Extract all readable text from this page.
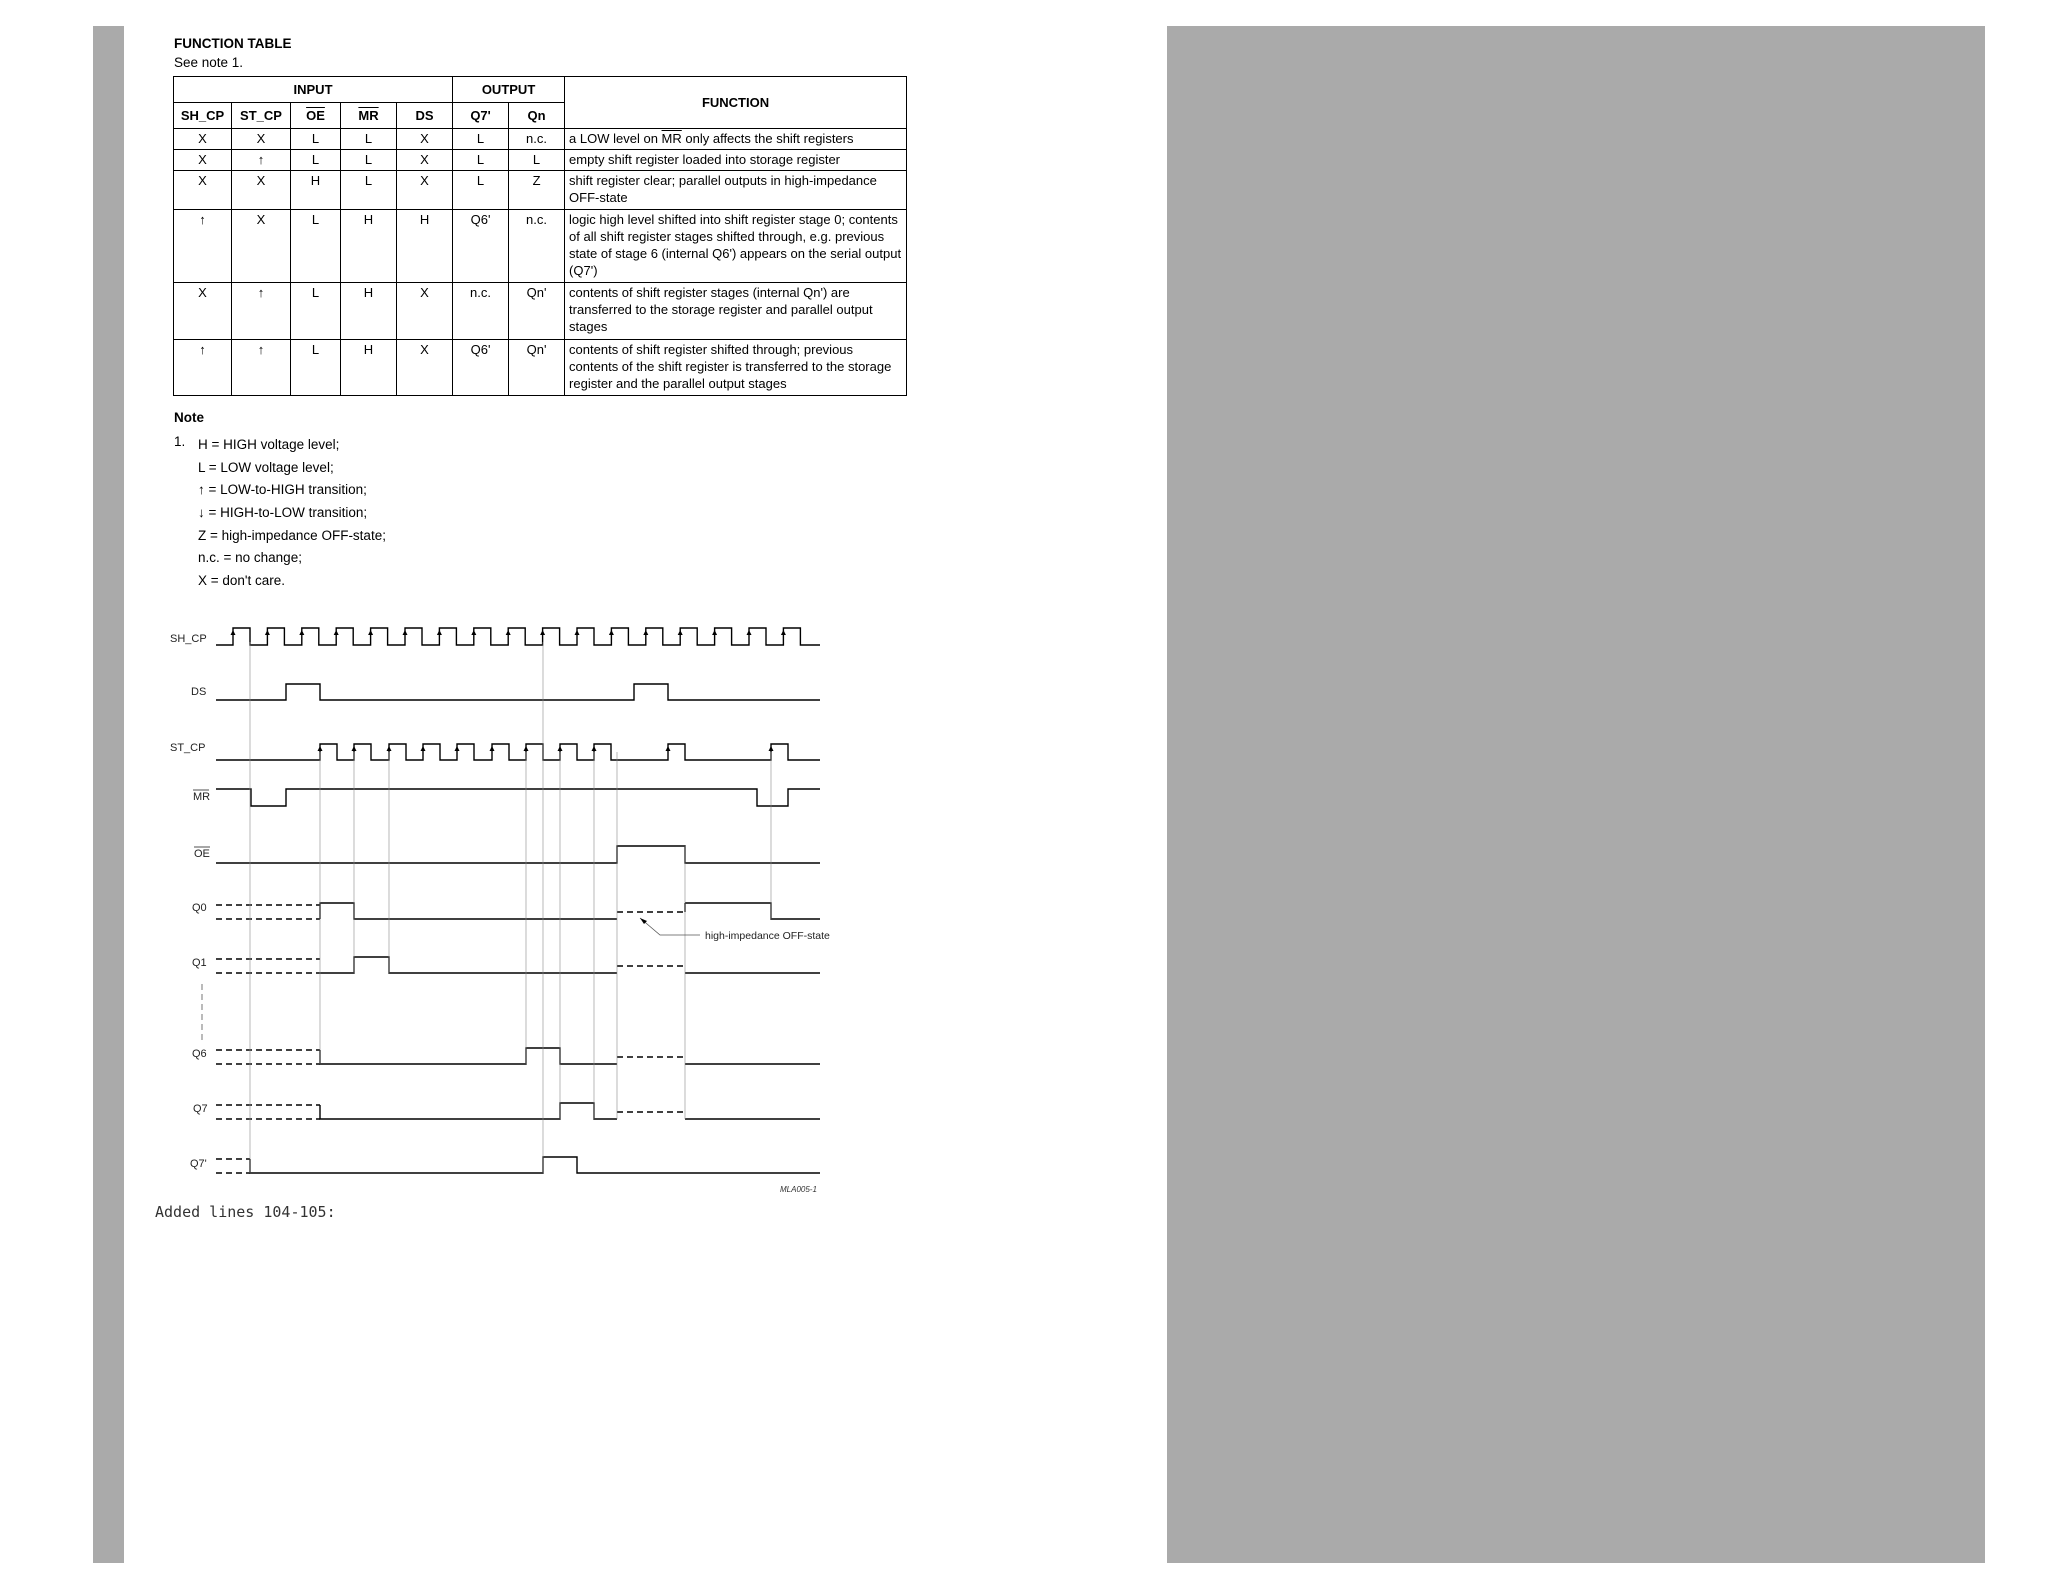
FUNCTION TABLE
See note 1.
INPUT					OUTPUT		FUNCTION
SH_CP	ST_CP	$\overline{OE}$	$\overline{MR}$	DS	Q7'	Qn	
X	X	L	L	X	L	n.c.	a LOW level on $\overline{MR}$ only affects the shift registers
X	↑	L	L	X	L	L	empty shift register loaded into storage register
X	X	H	L	X	L	Z	shift register clear; parallel outputs in high-impedance OFF-state
↑	X	L	H	H	Q6'	n.c.	logic high level shifted into shift register stage 0; contents of all shift register stages shifted through, e.g. previous state of stage 6 (internal Q6') appears on the serial output (Q7')
X	↑	L	H	X	n.c.	Qn'	contents of shift register stages (internal Qn') are transferred to the storage register and parallel output stages
↑	↑	L	H	X	Q6'	Qn'	contents of shift register shifted through; previous contents of the shift register is transferred to the storage register and the parallel output stages
Note
1. H = HIGH voltage level;
L = LOW voltage level;
↑ = LOW-to-HIGH transition;
↓ = HIGH-to-LOW transition;
Z = high-impedance OFF-state;
n.c. = no change;
X = don't care.
SH_CP
DS
ST_CP
MR
OE
Q0
Q1
Q6
Q7
Q7'
high-impedance OFF-state
MLA005-1
Added lines 104-105:
